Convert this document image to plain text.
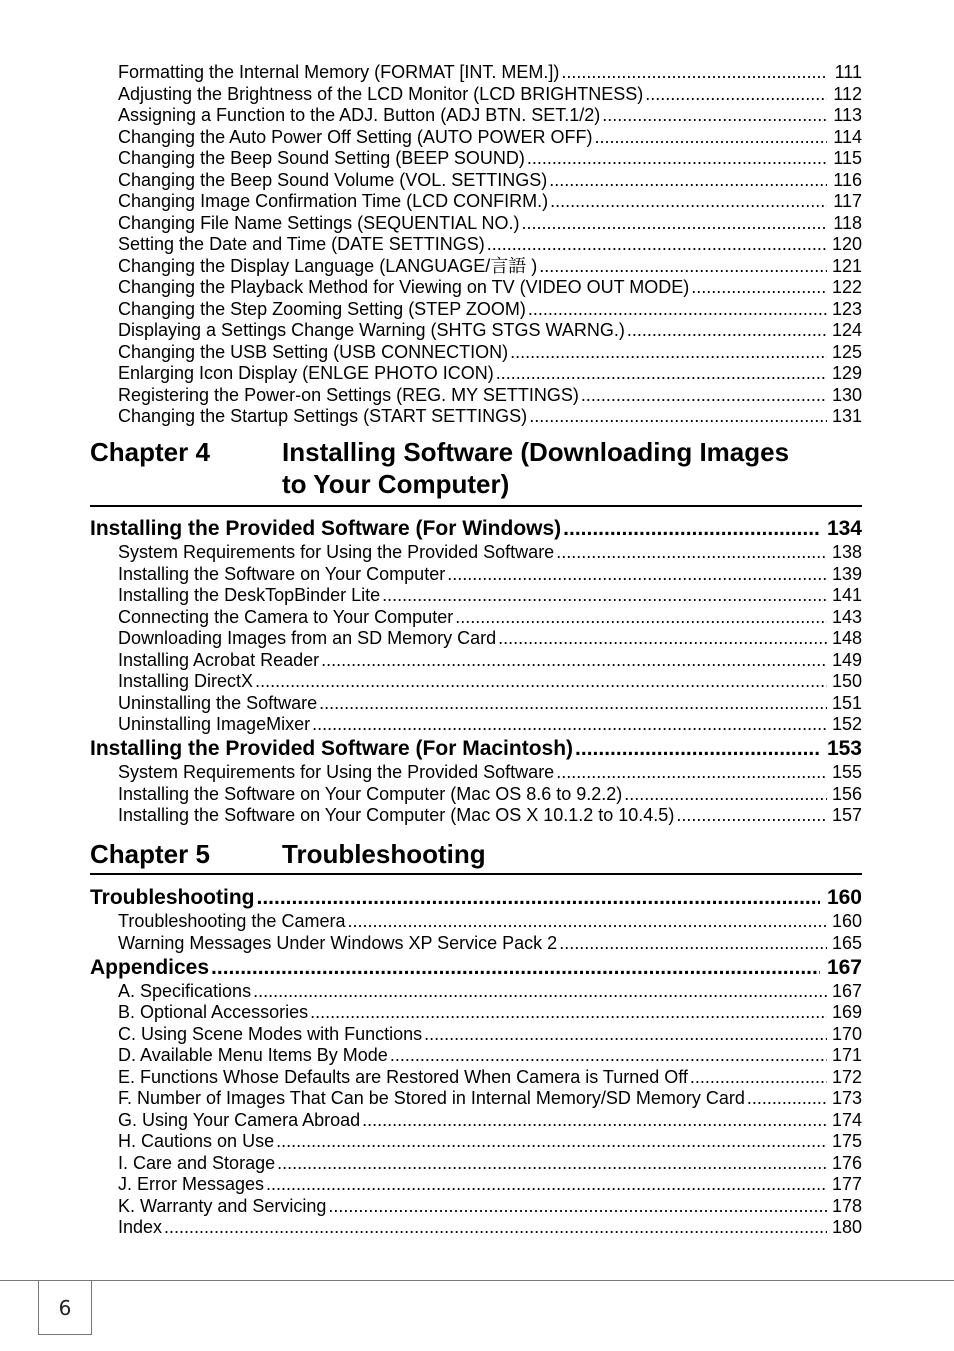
Formatting the Internal Memory (FORMAT [INT. MEM.]) .....	111
Adjusting the Brightness of the LCD Monitor (LCD BRIGHTNESS) .....	112
Assigning a Function to the ADJ. Button (ADJ BTN. SET.1/2) .....	113
Changing the Auto Power Off Setting (AUTO POWER OFF) .....	114
Changing the Beep Sound Setting (BEEP SOUND) .....	115
Changing the Beep Sound Volume (VOL. SETTINGS) .....	116
Changing Image Confirmation Time (LCD CONFIRM.) .....	117
Changing File Name Settings (SEQUENTIAL NO.) .....	118
Setting the Date and Time (DATE SETTINGS) .....	120
Changing the Display Language (LANGUAGE/言語 ) .....	121
Changing the Playback Method for Viewing on TV (VIDEO OUT MODE) .....	122
Changing the Step Zooming Setting (STEP ZOOM) .....	123
Displaying a Settings Change Warning (SHTG STGS WARNG.) .....	124
Changing the USB Setting (USB CONNECTION) .....	125
Enlarging Icon Display (ENLGE PHOTO ICON) .....	129
Registering the Power-on Settings (REG. MY SETTINGS) .....	130
Changing the Startup Settings (START SETTINGS) .....	131
Chapter 4	Installing Software (Downloading Images
to Your Computer)
Installing the Provided Software (For Windows) .....	134
System Requirements for Using the Provided Software .....	138
Installing the Software on Your Computer .....	139
Installing the DeskTopBinder Lite .....	141
Connecting the Camera to Your Computer .....	143
Downloading Images from an SD Memory Card .....	148
Installing Acrobat Reader .....	149
Installing DirectX .....	150
Uninstalling the Software .....	151
Uninstalling ImageMixer .....	152
Installing the Provided Software (For Macintosh) .....	153
System Requirements for Using the Provided Software .....	155
Installing the Software on Your Computer (Mac OS 8.6 to 9.2.2) .....	156
Installing the Software on Your Computer (Mac OS X 10.1.2 to 10.4.5) .....	157
Chapter 5	Troubleshooting
Troubleshooting .....	160
Troubleshooting the Camera .....	160
Warning Messages Under Windows XP Service Pack 2 .....	165
Appendices .....	167
A. Specifications .....	167
B. Optional Accessories .....	169
C. Using Scene Modes with Functions .....	170
D. Available Menu Items By Mode .....	171
E. Functions Whose Defaults are Restored When Camera is Turned Off .....	172
F. Number of Images That Can be Stored in Internal Memory/SD Memory Card .....	173
G. Using Your Camera Abroad .....	174
H. Cautions on Use .....	175
I. Care and Storage .....	176
J. Error Messages .....	177
K. Warranty and Servicing .....	178
Index .....	180
6
